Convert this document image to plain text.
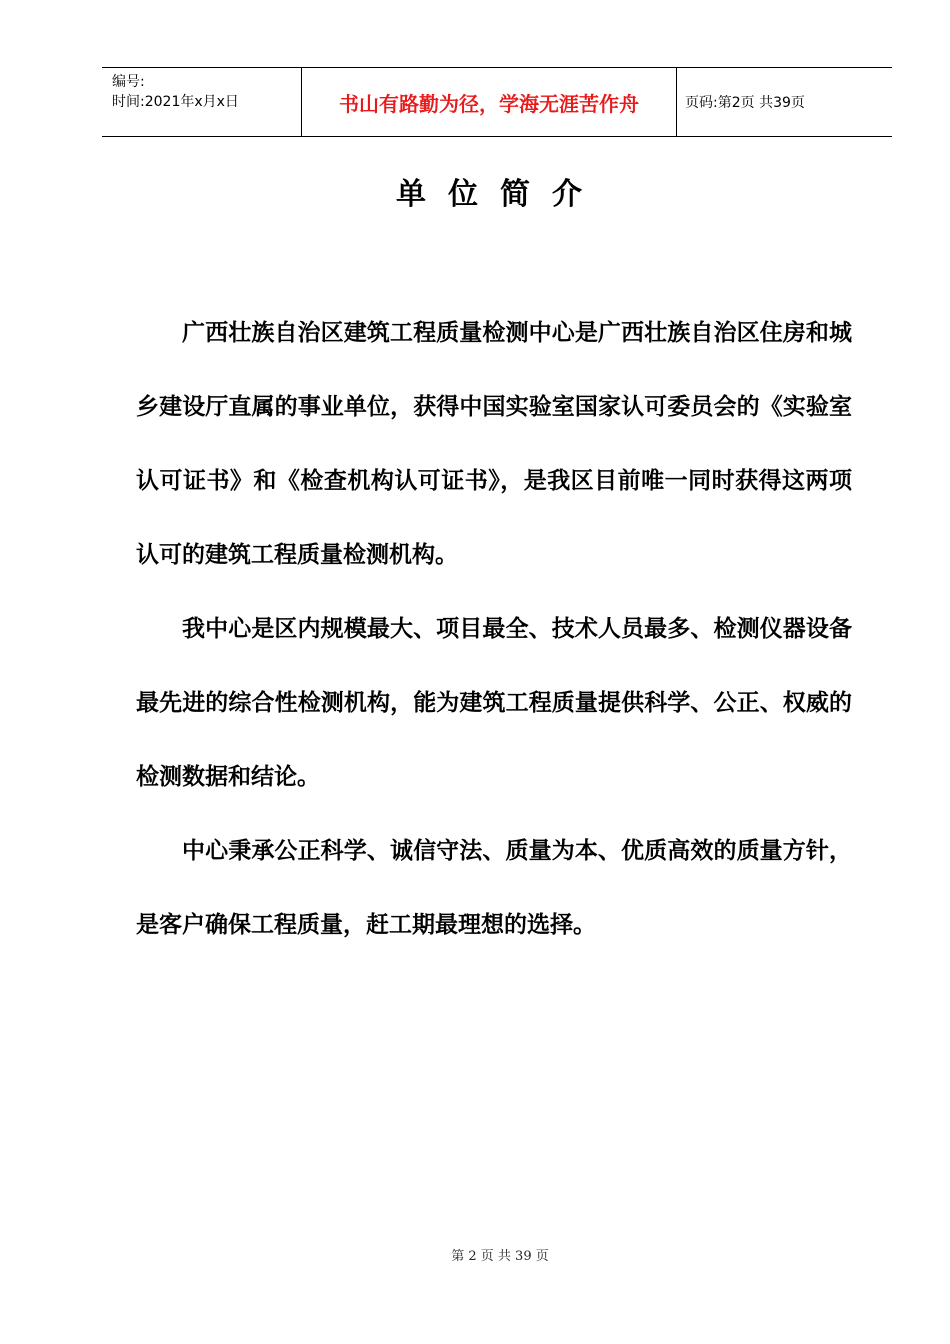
编号:
时间:2021年x月x日	书山有路勤为径，学海无涯苦作舟	页码:第2页 共39页
单位简介

广西壮族自治区建筑工程质量检测中心是广西壮族自治区住房和城乡建设厅直属的事业单位，获得中国实验室国家认可委员会的《实验室认可证书》和《检查机构认可证书》，是我区目前唯一同时获得这两项认可的建筑工程质量检测机构。

我中心是区内规模最大、项目最全、技术人员最多、检测仪器设备最先进的综合性检测机构，能为建筑工程质量提供科学、公正、权威的检测数据和结论。

中心秉承公正科学、诚信守法、质量为本、优质高效的质量方针，是客户确保工程质量，赶工期最理想的选择。

第 2 页 共 39 页
